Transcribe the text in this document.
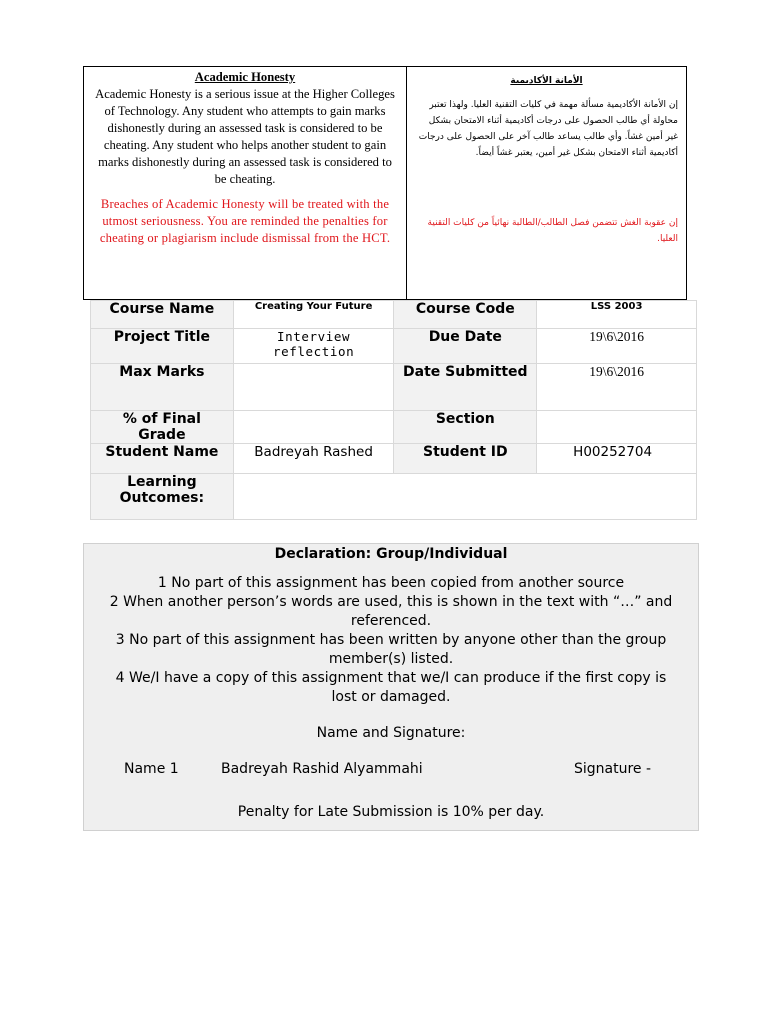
Academic Honesty
Academic Honesty is a serious issue at the Higher Colleges of Technology. Any student who attempts to gain marks dishonestly during an assessed task is considered to be cheating. Any student who helps another student to gain marks dishonestly during an assessed task is considered to be cheating.
Breaches of Academic Honesty will be treated with the utmost seriousness. You are reminded the penalties for cheating or plagiarism include dismissal from the HCT.
الأمانة الأكاديمية
إن الأمانة الأكاديمية مسألة مهمة في كليات التقنية العليا. ولهذا تعتبر محاولة أي طالب الحصول على درجات أكاديمية أثناء الامتحان بشكل غير أمين غشاً. وأي طالب يساعد طالب آخر على الحصول على درجات أكاديمية أثناء الامتحان بشكل غير أمين، يعتبر غشاً أيضاً.
إن عقوبة الغش تتضمن فصل الطالب/الطالبة نهائياً من كليات التقنية العليا.
Course Name	Creating Your Future	Course Code	LSS 2003
Project Title	Interview reflection	Due Date	19\6\2016
Max Marks		Date Submitted	19\6\2016
% of Final Grade		Section	
Student Name	Badreyah Rashed	Student ID	H00252704
Learning Outcomes:			
Declaration: Group/Individual
1 No part of this assignment has been copied from another source
2 When another person’s words are used, this is shown in the text with “…” and referenced.
3 No part of this assignment has been written by anyone other than the group member(s) listed.
4 We/I have a copy of this assignment that we/I can produce if the first copy is lost or damaged.
Name and Signature:
Name 1	Badreyah Rashid Alyammahi	Signature -
Penalty for Late Submission is 10% per day.
